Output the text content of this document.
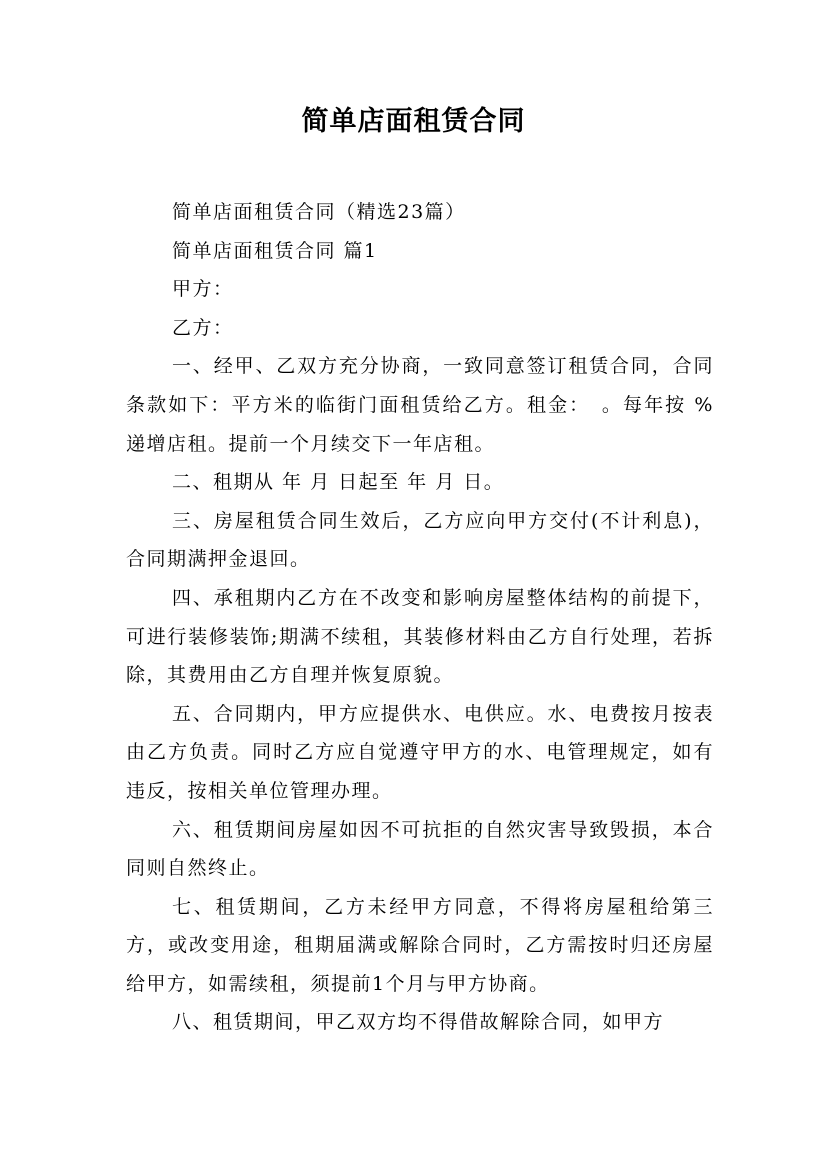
简单店面租赁合同

简单店面租赁合同（精选23篇）

简单店面租赁合同 篇1

甲方：

乙方：

一、经甲、乙双方充分协商，一致同意签订租赁合同，合同条款如下：平方米的临街门面租赁给乙方。租金：　。每年按 %递增店租。提前一个月续交下一年店租。

二、租期从 年 月 日起至 年 月 日。

三、房屋租赁合同生效后，乙方应向甲方交付(不计利息)，合同期满押金退回。

四、承租期内乙方在不改变和影响房屋整体结构的前提下，可进行装修装饰;期满不续租，其装修材料由乙方自行处理，若拆除，其费用由乙方自理并恢复原貌。

五、合同期内，甲方应提供水、电供应。水、电费按月按表由乙方负责。同时乙方应自觉遵守甲方的水、电管理规定，如有违反，按相关单位管理办理。

六、租赁期间房屋如因不可抗拒的自然灾害导致毁损，本合同则自然终止。

七、租赁期间，乙方未经甲方同意，不得将房屋租给第三方，或改变用途，租期届满或解除合同时，乙方需按时归还房屋给甲方，如需续租，须提前1个月与甲方协商。

八、租赁期间，甲乙双方均不得借故解除合同，如甲方
